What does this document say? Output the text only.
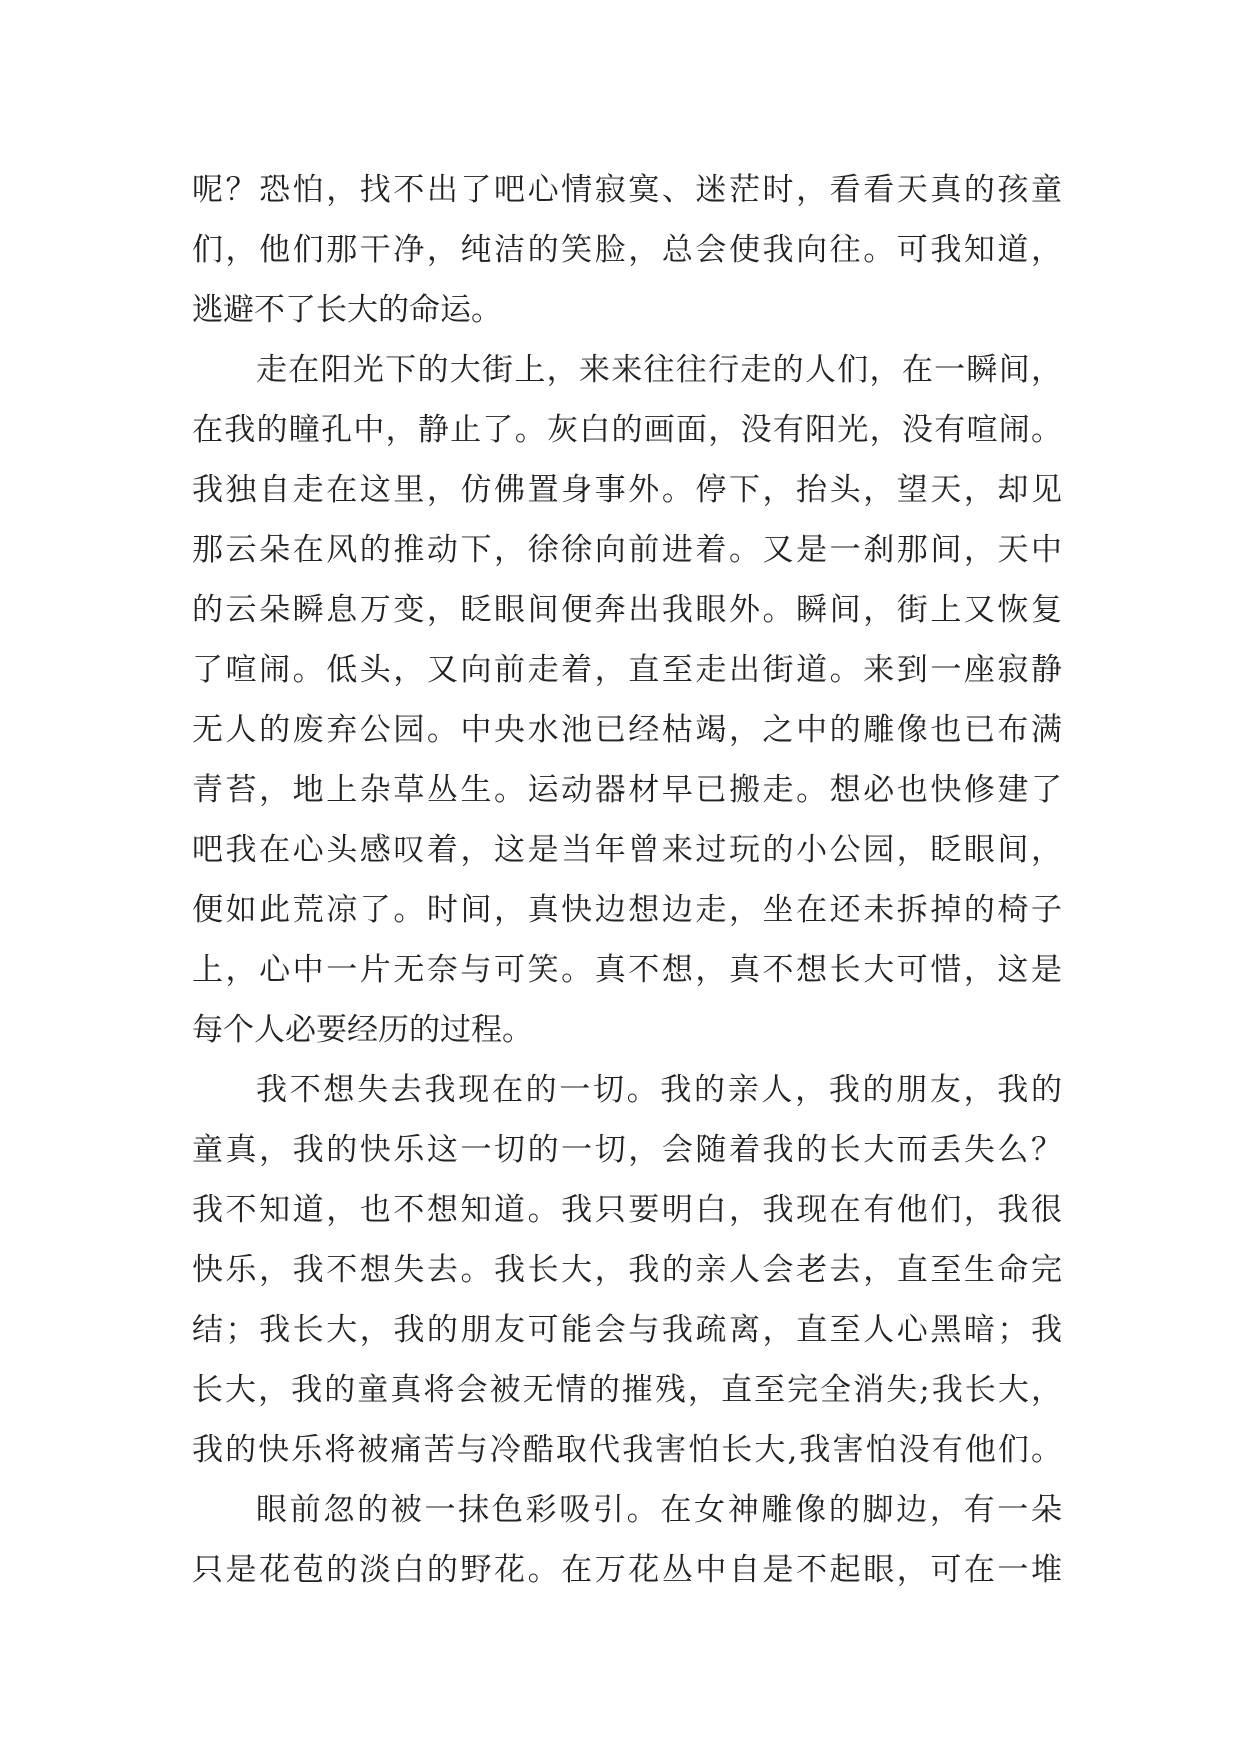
呢？恐怕，找不出了吧心情寂寞、迷茫时，看看天真的孩童
们，他们那干净，纯洁的笑脸，总会使我向往。可我知道，
逃避不了长大的命运。
走在阳光下的大街上，来来往往行走的人们，在一瞬间，
在我的瞳孔中，静止了。灰白的画面，没有阳光，没有喧闹。
我独自走在这里，仿佛置身事外。停下，抬头，望天，却见
那云朵在风的推动下，徐徐向前进着。又是一刹那间，天中
的云朵瞬息万变，眨眼间便奔出我眼外。瞬间，街上又恢复
了喧闹。低头，又向前走着，直至走出街道。来到一座寂静
无人的废弃公园。中央水池已经枯竭，之中的雕像也已布满
青苔，地上杂草丛生。运动器材早已搬走。想必也快修建了
吧我在心头感叹着，这是当年曾来过玩的小公园，眨眼间，
便如此荒凉了。时间，真快边想边走，坐在还未拆掉的椅子
上，心中一片无奈与可笑。真不想，真不想长大可惜，这是
每个人必要经历的过程。
我不想失去我现在的一切。我的亲人，我的朋友，我的
童真，我的快乐这一切的一切，会随着我的长大而丢失么？
我不知道，也不想知道。我只要明白，我现在有他们，我很
快乐，我不想失去。我长大，我的亲人会老去，直至生命完
结；我长大，我的朋友可能会与我疏离，直至人心黑暗；我
长大，我的童真将会被无情的摧残，直至完全消失;我长大，
我的快乐将被痛苦与冷酷取代我害怕长大,我害怕没有他们。
眼前忽的被一抹色彩吸引。在女神雕像的脚边，有一朵
只是花苞的淡白的野花。在万花丛中自是不起眼，可在一堆
